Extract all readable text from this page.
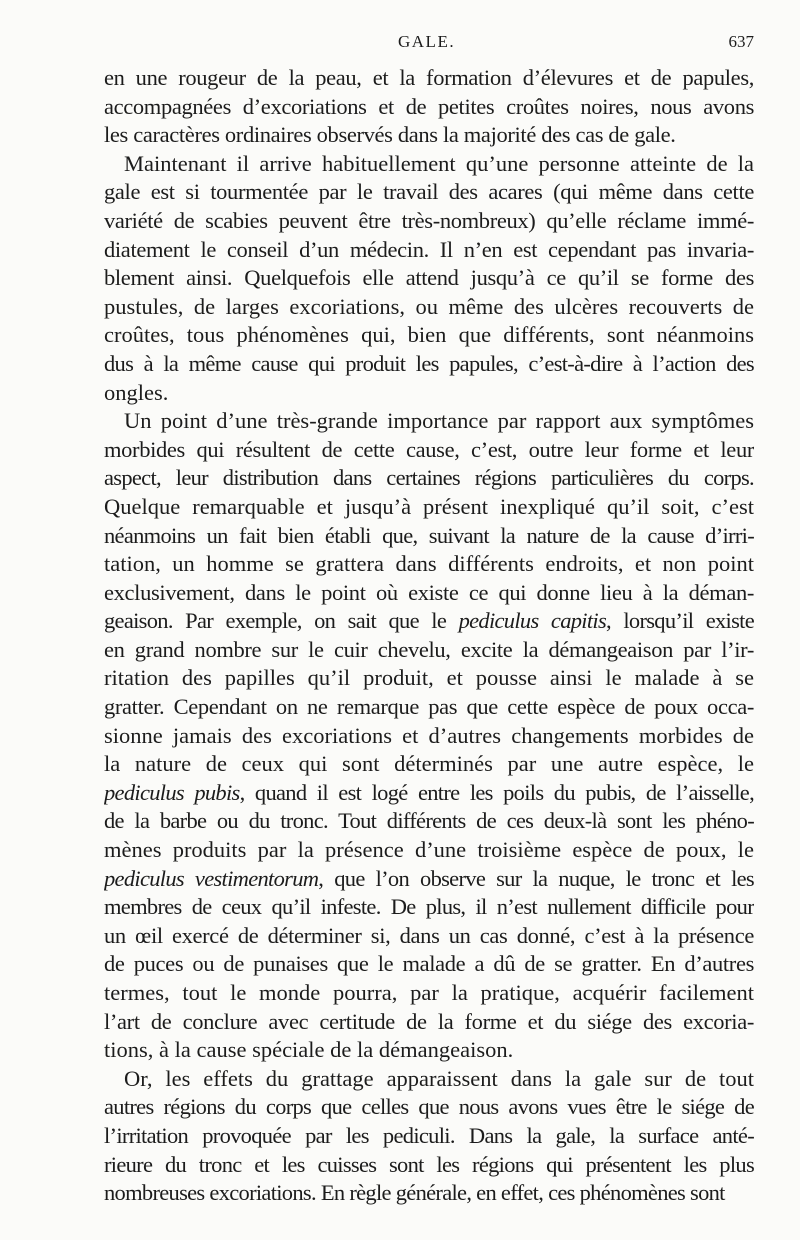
GALE.	637
en une rougeur de la peau, et la formation d’élevures et de papules,
accompagnées d’excoriations et de petites croûtes noires, nous avons
les caractères ordinaires observés dans la majorité des cas de gale.
Maintenant il arrive habituellement qu’une personne atteinte de la
gale est si tourmentée par le travail des acares (qui même dans cette
variété de scabies peuvent être très-nombreux) qu’elle réclame immé-
diatement le conseil d’un médecin. Il n’en est cependant pas invaria-
blement ainsi. Quelquefois elle attend jusqu’à ce qu’il se forme des
pustules, de larges excoriations, ou même des ulcères recouverts de
croûtes, tous phénomènes qui, bien que différents, sont néanmoins
dus à la même cause qui produit les papules, c’est-à-dire à l’action des
ongles.
Un point d’une très-grande importance par rapport aux symptômes
morbides qui résultent de cette cause, c’est, outre leur forme et leur
aspect, leur distribution dans certaines régions particulières du corps.
Quelque remarquable et jusqu’à présent inexpliqué qu’il soit, c’est
néanmoins un fait bien établi que, suivant la nature de la cause d’irri-
tation, un homme se grattera dans différents endroits, et non point
exclusivement, dans le point où existe ce qui donne lieu à la déman-
geaison. Par exemple, on sait que le pediculus capitis, lorsqu’il existe
en grand nombre sur le cuir chevelu, excite la démangeaison par l’ir-
ritation des papilles qu’il produit, et pousse ainsi le malade à se
gratter. Cependant on ne remarque pas que cette espèce de poux occa-
sionne jamais des excoriations et d’autres changements morbides de
la nature de ceux qui sont déterminés par une autre espèce, le
pediculus pubis, quand il est logé entre les poils du pubis, de l’aisselle,
de la barbe ou du tronc. Tout différents de ces deux-là sont les phéno-
mènes produits par la présence d’une troisième espèce de poux, le
pediculus vestimentorum, que l’on observe sur la nuque, le tronc et les
membres de ceux qu’il infeste. De plus, il n’est nullement difficile pour
un œil exercé de déterminer si, dans un cas donné, c’est à la présence
de puces ou de punaises que le malade a dû de se gratter. En d’autres
termes, tout le monde pourra, par la pratique, acquérir facilement
l’art de conclure avec certitude de la forme et du siége des excoria-
tions, à la cause spéciale de la démangeaison.
Or, les effets du grattage apparaissent dans la gale sur de tout
autres régions du corps que celles que nous avons vues être le siége de
l’irritation provoquée par les pediculi. Dans la gale, la surface anté-
rieure du tronc et les cuisses sont les régions qui présentent les plus
nombreuses excoriations. En règle générale, en effet, ces phénomènes sont
